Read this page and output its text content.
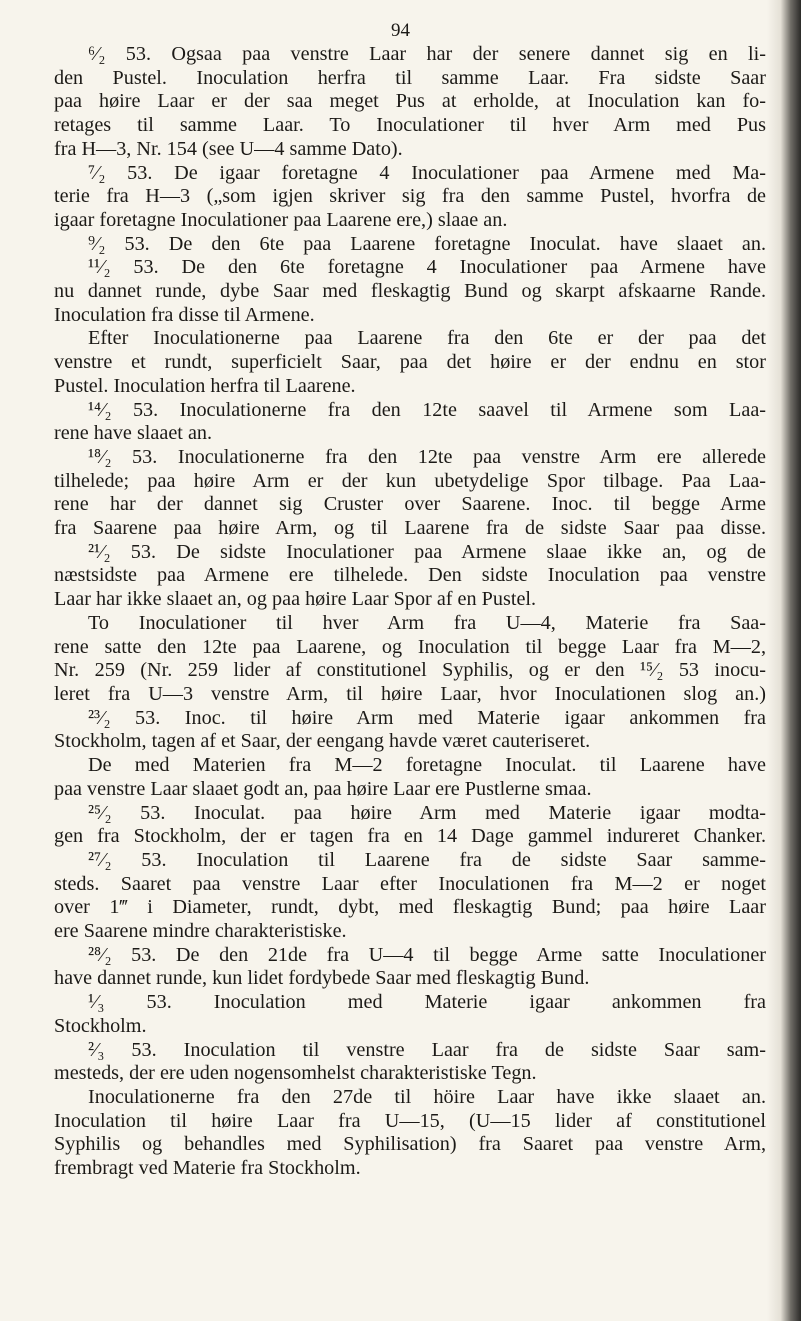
94
⁶⁄₂ 53. Ogsaa paa venstre Laar har der senere dannet sig en li-
den Pustel. Inoculation herfra til samme Laar. Fra sidste Saar
paa høire Laar er der saa meget Pus at erholde, at Inoculation kan fo-
retages til samme Laar. To Inoculationer til hver Arm med Pus
fra H—3, Nr. 154 (see U—4 samme Dato).
⁷⁄₂ 53. De igaar foretagne 4 Inoculationer paa Armene med Ma-
terie fra H—3 („som igjen skriver sig fra den samme Pustel, hvorfra de
igaar foretagne Inoculationer paa Laarene ere,) slaae an.
⁹⁄₂ 53. De den 6te paa Laarene foretagne Inoculat. have slaaet an.
¹¹⁄₂ 53. De den 6te foretagne 4 Inoculationer paa Armene have
nu dannet runde, dybe Saar med fleskagtig Bund og skarpt afskaarne Rande.
Inoculation fra disse til Armene.
Efter Inoculationerne paa Laarene fra den 6te er der paa det
venstre et rundt, superficielt Saar, paa det høire er der endnu en stor
Pustel. Inoculation herfra til Laarene.
¹⁴⁄₂ 53. Inoculationerne fra den 12te saavel til Armene som Laa-
rene have slaaet an.
¹⁸⁄₂ 53. Inoculationerne fra den 12te paa venstre Arm ere allerede
tilhelede; paa høire Arm er der kun ubetydelige Spor tilbage. Paa Laa-
rene har der dannet sig Cruster over Saarene. Inoc. til begge Arme
fra Saarene paa høire Arm, og til Laarene fra de sidste Saar paa disse.
²¹⁄₂ 53. De sidste Inoculationer paa Armene slaae ikke an, og de
næstsidste paa Armene ere tilhelede. Den sidste Inoculation paa venstre
Laar har ikke slaaet an, og paa høire Laar Spor af en Pustel.
To Inoculationer til hver Arm fra U—4, Materie fra Saa-
rene satte den 12te paa Laarene, og Inoculation til begge Laar fra M—2,
Nr. 259 (Nr. 259 lider af constitutionel Syphilis, og er den ¹⁵⁄₂ 53 inocu-
leret fra U—3 venstre Arm, til høire Laar, hvor Inoculationen slog an.)
²³⁄₂ 53. Inoc. til høire Arm med Materie igaar ankommen fra
Stockholm, tagen af et Saar, der eengang havde været cauteriseret.
De med Materien fra M—2 foretagne Inoculat. til Laarene have
paa venstre Laar slaaet godt an, paa høire Laar ere Pustlerne smaa.
²⁵⁄₂ 53. Inoculat. paa høire Arm med Materie igaar modta-
gen fra Stockholm, der er tagen fra en 14 Dage gammel indureret Chanker.
²⁷⁄₂ 53. Inoculation til Laarene fra de sidste Saar samme-
steds. Saaret paa venstre Laar efter Inoculationen fra M—2 er noget
over 1‴ i Diameter, rundt, dybt, med fleskagtig Bund; paa høire Laar
ere Saarene mindre charakteristiske.
²⁸⁄₂ 53. De den 21de fra U—4 til begge Arme satte Inoculationer
have dannet runde, kun lidet fordybede Saar med fleskagtig Bund.
¹⁄₃ 53. Inoculation med Materie igaar ankommen fra
Stockholm.
²⁄₃ 53. Inoculation til venstre Laar fra de sidste Saar sam-
mesteds, der ere uden nogensomhelst charakteristiske Tegn.
Inoculationerne fra den 27de til höire Laar have ikke slaaet an.
Inoculation til høire Laar fra U—15, (U—15 lider af constitutionel
Syphilis og behandles med Syphilisation) fra Saaret paa venstre Arm,
frembragt ved Materie fra Stockholm.
